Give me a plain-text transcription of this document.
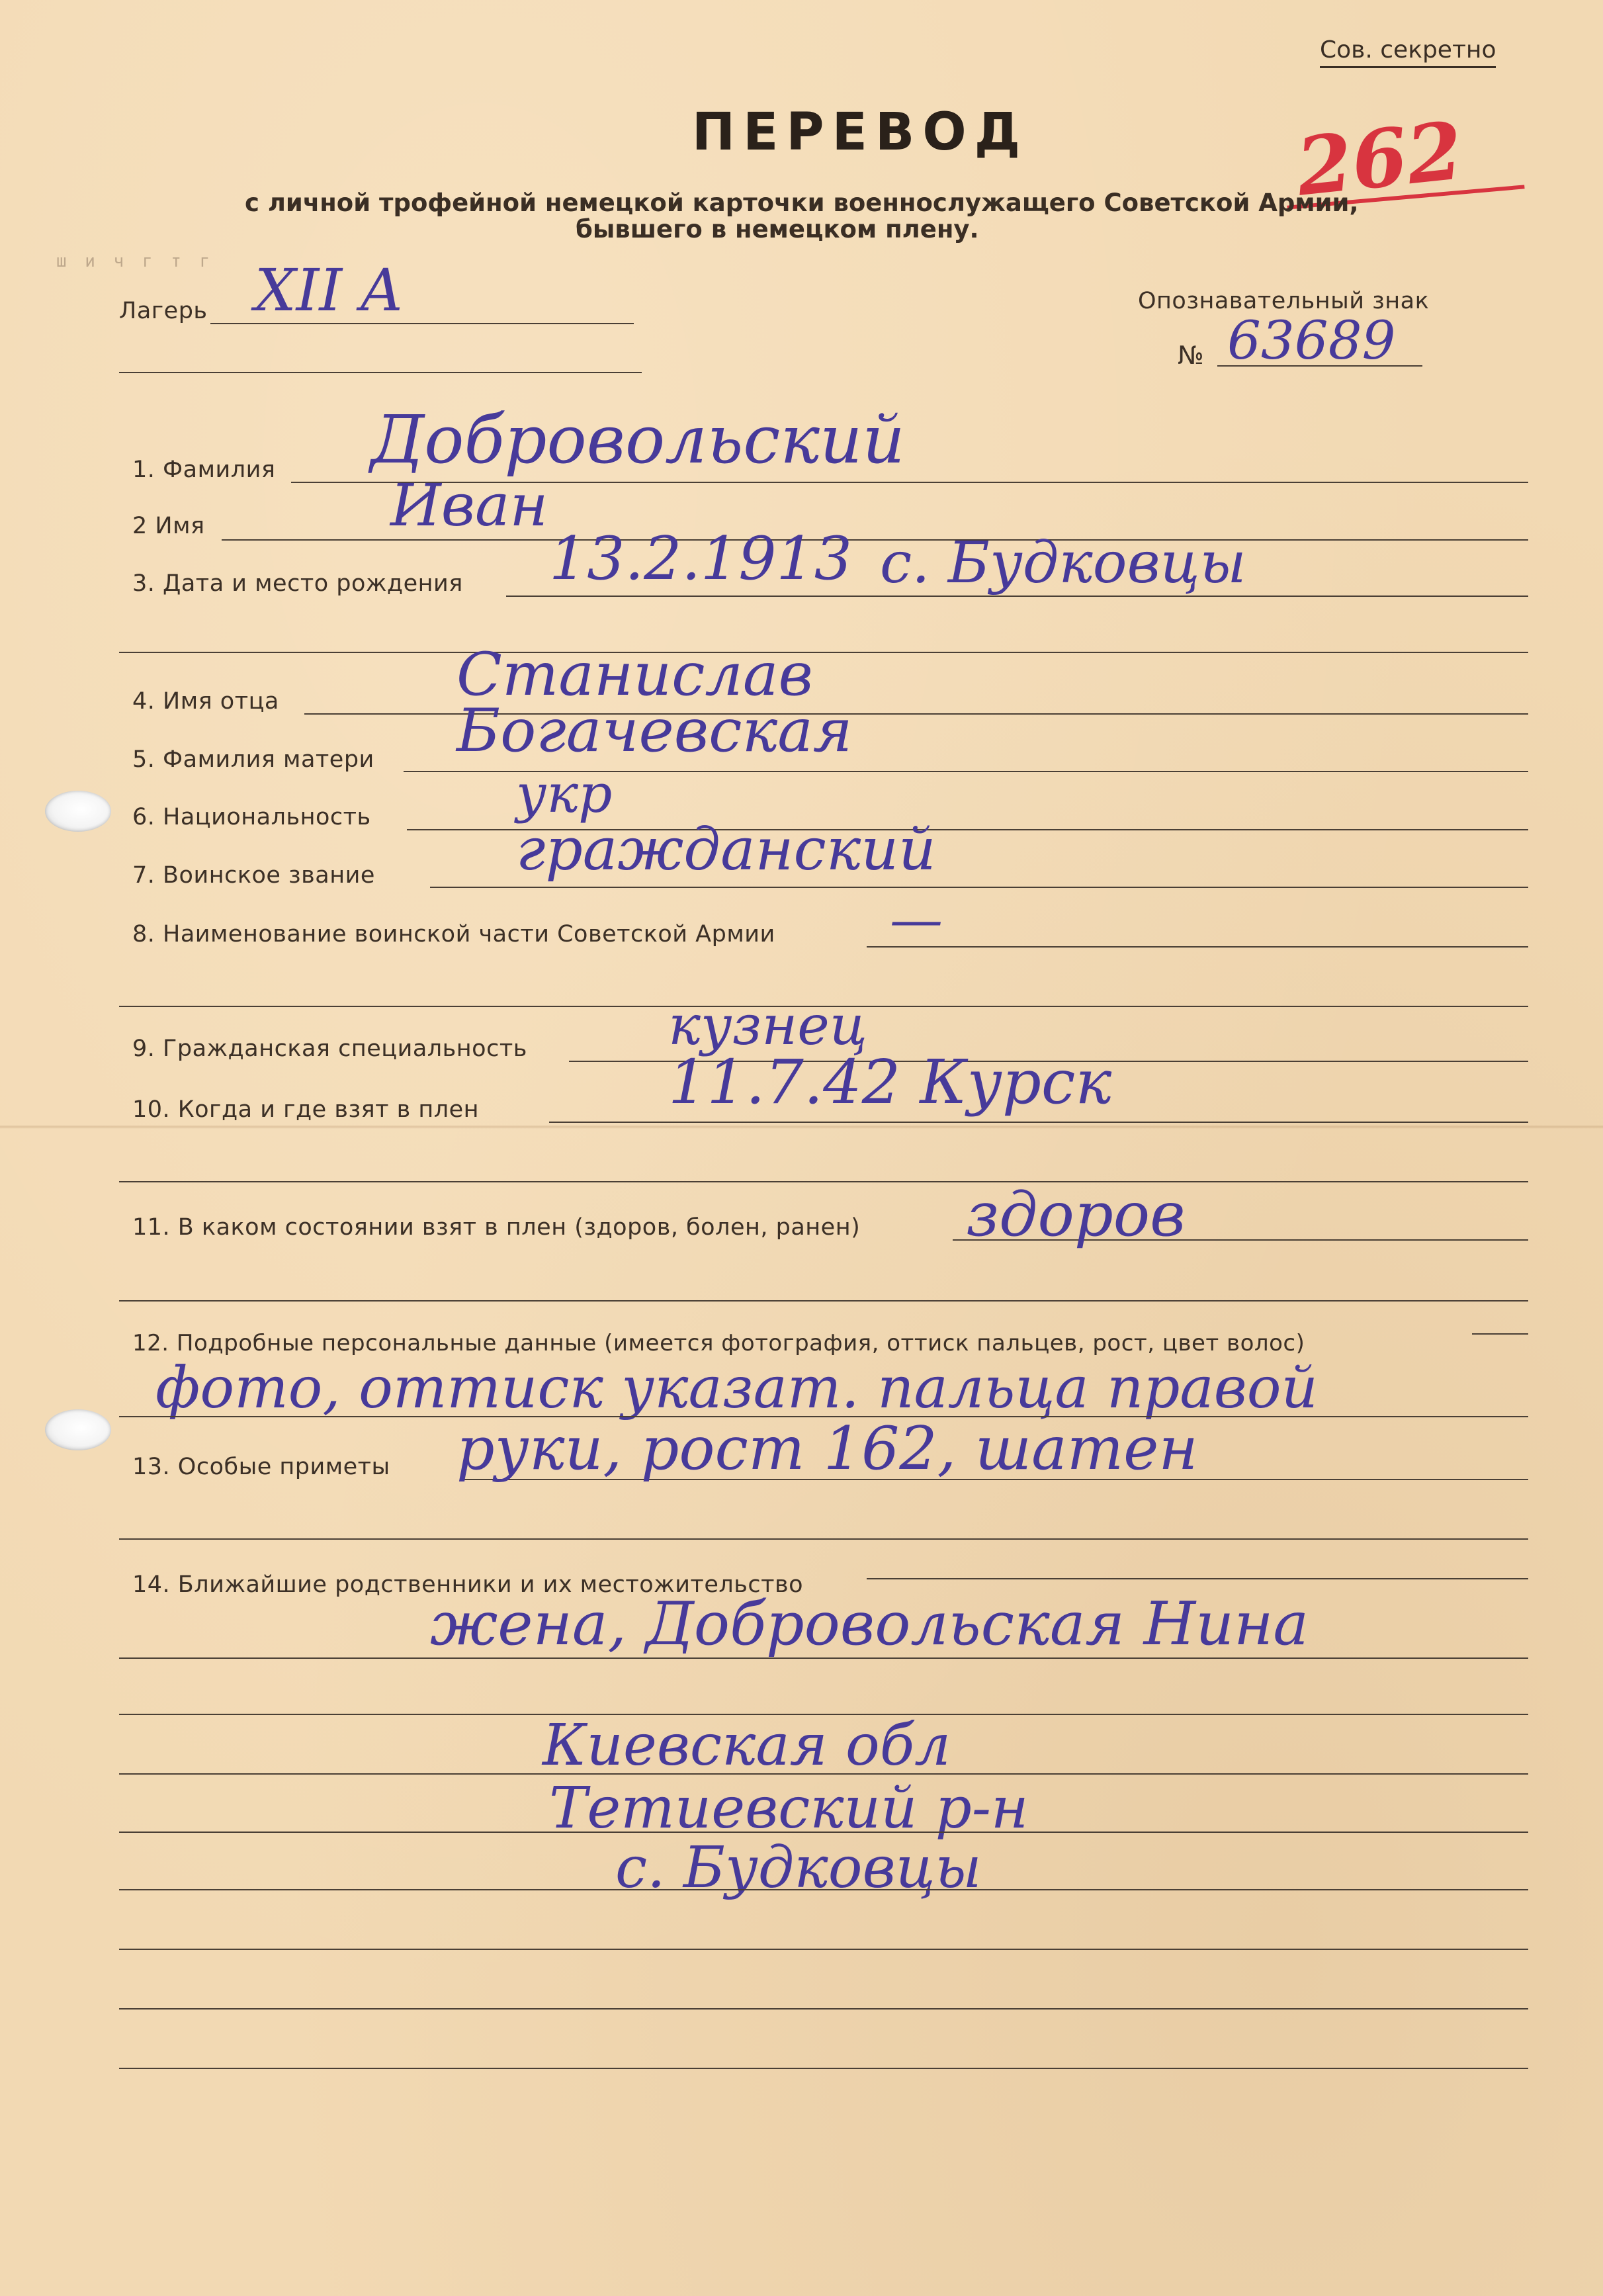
ш и ч г т г
Сов. секретно
262
ПЕРЕВОД
с личной трофейной немецкой карточки военнослужащего Советской Армии,
бывшего в немецком плену.
Лагерь XII A	Опознавательный знак
№ 63689
1. Фамилия Добровольский
2 Имя	Иван
3. Дата и место рождения 13.2.1913 с. Будковцы
4. Имя отца	Станислав
5. Фамилия матери Богачевская
6. Национальность	укр
7. Воинское звание гражданский
8. Наименование воинской части Советской Армии —
9. Гражданская специальность	кузнец
10. Когда и где взят в плен	11.7.42 Курск
11. В каком состоянии взят в плен (здоров, болен, ранен) здоров
12. Подробные персональные данные (имеется фотография, оттиск пальцев, рост, цвет волос)
фото, оттиск указат. пальца правой
13. Особые приметы руки, рост 162, шатен
14. Ближайшие родственники и их местожительство
жена, Добровольская Нина
Киевская обл
Тетиевский р-н
с. Будковцы
